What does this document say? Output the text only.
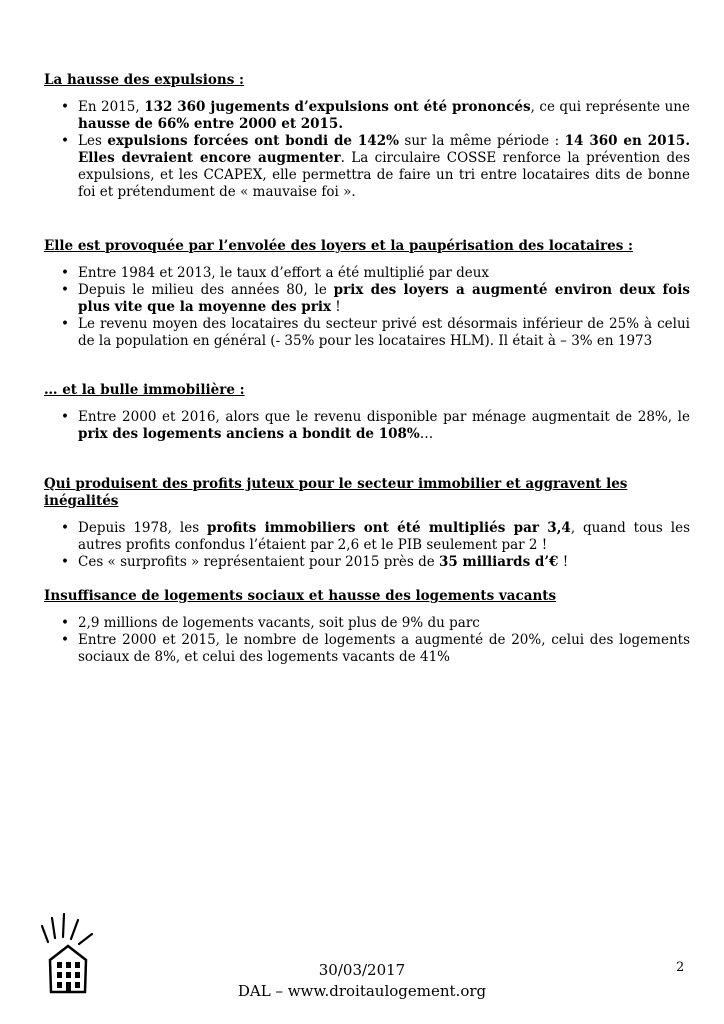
La hausse des expulsions :

• En 2015, 132 360 jugements d’expulsions ont été prononcés, ce qui représente une hausse de 66% entre 2000 et 2015.
• Les expulsions forcées ont bondi de 142% sur la même période : 14 360 en 2015. Elles devraient encore augmenter. La circulaire COSSE renforce la prévention des expulsions, et les CCAPEX, elle permettra de faire un tri entre locataires dits de bonne foi et prétendument de « mauvaise foi ».

Elle est provoquée par l’envolée des loyers et la paupérisation des locataires :

• Entre 1984 et 2013, le taux d’effort a été multiplié par deux
• Depuis le milieu des années 80, le prix des loyers a augmenté environ deux fois plus vite que la moyenne des prix !
• Le revenu moyen des locataires du secteur privé est désormais inférieur de 25% à celui de la population en général (- 35% pour les locataires HLM). Il était à – 3% en 1973

… et la bulle immobilière :

• Entre 2000 et 2016, alors que le revenu disponible par ménage augmentait de 28%, le prix des logements anciens a bondit de 108%…

Qui produisent des profits juteux pour le secteur immobilier et aggravent les inégalités

• Depuis 1978, les profits immobiliers ont été multipliés par 3,4, quand tous les autres profits confondus l’étaient par 2,6 et le PIB seulement par 2 !
• Ces « surprofits » représentaient pour 2015 près de 35 milliards d’€ !

Insuffisance de logements sociaux et hausse des logements vacants

• 2,9 millions de logements vacants, soit plus de 9% du parc
• Entre 2000 et 2015, le nombre de logements a augmenté de 20%, celui des logements sociaux de 8%, et celui des logements vacants de 41%
30/03/2017
DAL – www.droitaulogement.org
2
